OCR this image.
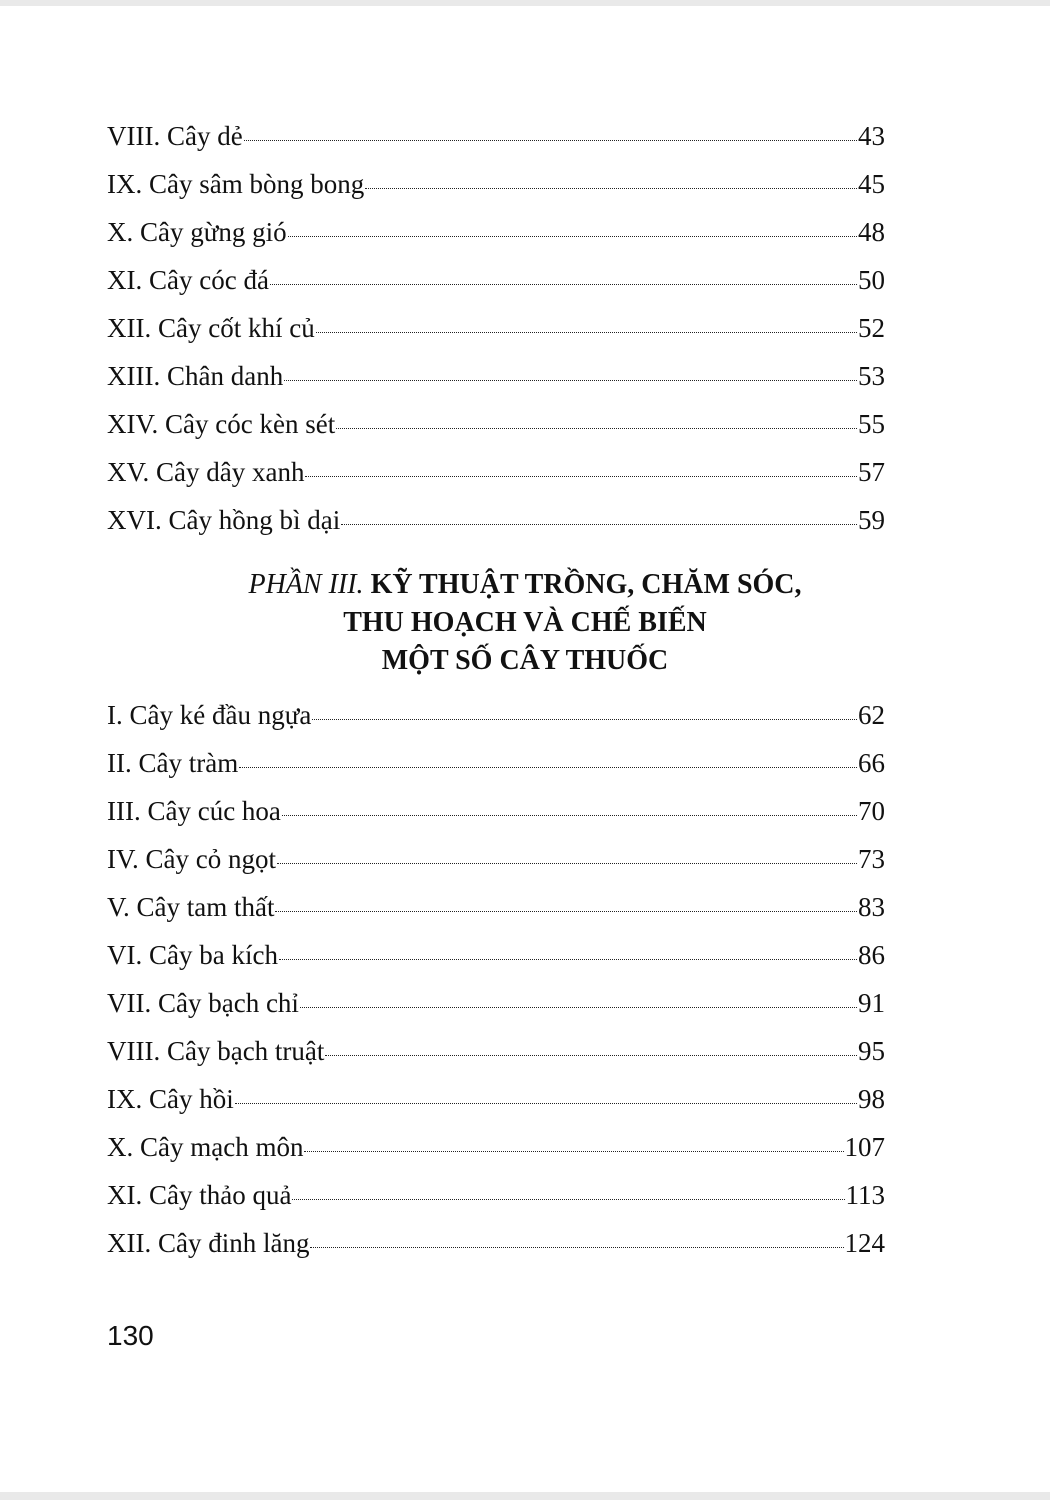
VIII. Cây dẻ	43
IX. Cây sâm bòng bong	45
X. Cây gừng gió	48
XI. Cây cóc đá	50
XII. Cây cốt khí củ	52
XIII. Chân danh	53
XIV. Cây cóc kèn sét	55
XV. Cây dây xanh	57
XVI. Cây hồng bì dại	59
PHẦN III. KỸ THUẬT TRỒNG, CHĂM SÓC,
THU HOẠCH VÀ CHẾ BIẾN
MỘT SỐ CÂY THUỐC
I. Cây ké đầu ngựa	62
II. Cây tràm	66
III. Cây cúc hoa	70
IV. Cây cỏ ngọt	73
V. Cây tam thất	83
VI. Cây ba kích	86
VII. Cây bạch chỉ	91
VIII. Cây bạch truật	95
IX. Cây hồi	98
X. Cây mạch môn	107
XI. Cây thảo quả	113
XII. Cây đinh lăng	124
130
